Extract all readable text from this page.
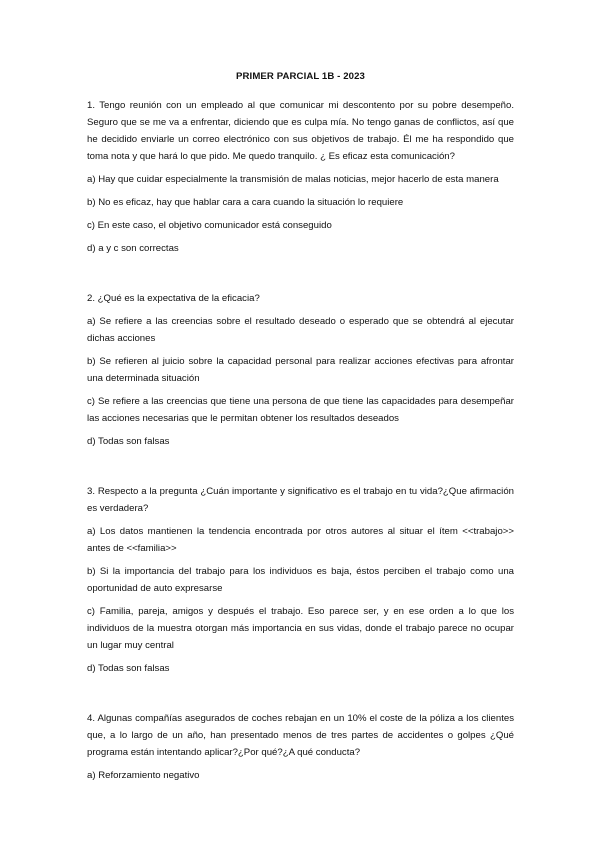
PRIMER PARCIAL 1B - 2023

1. Tengo reunión con un empleado al que comunicar mi descontento por su pobre desempeño. Seguro que se me va a enfrentar, diciendo que es culpa mía. No tengo ganas de conflictos, así que he decidido enviarle un correo electrónico con sus objetivos de trabajo. Él me ha respondido que toma nota y que hará lo que pido. Me quedo tranquilo. ¿ Es eficaz esta comunicación?

a) Hay que cuidar especialmente la transmisión de malas noticias, mejor hacerlo de esta manera

b) No es eficaz, hay que hablar cara a cara cuando la situación lo requiere

c) En este caso, el objetivo comunicador está conseguido

d) a y c son correctas

2. ¿Qué es la expectativa de la eficacia?

a) Se refiere a las creencias sobre el resultado deseado o esperado que se obtendrá al ejecutar dichas acciones

b) Se refieren al juicio sobre la capacidad personal para realizar acciones efectivas para afrontar una determinada situación

c) Se refiere a las creencias que tiene una persona de que tiene las capacidades para desempeñar las acciones necesarias que le permitan obtener los resultados deseados

d) Todas son falsas

3. Respecto a la pregunta ¿Cuán importante y significativo es el trabajo en tu vida?¿Que afirmación es verdadera?

a) Los datos mantienen la tendencia encontrada por otros autores al situar el ítem <<trabajo>> antes de <<familia>>

b) Si la importancia del trabajo para los individuos es baja, éstos perciben el trabajo como una oportunidad de auto expresarse

c) Familia, pareja, amigos y después el trabajo. Eso parece ser, y en ese orden a lo que los individuos de la muestra otorgan más importancia en sus vidas, donde el trabajo parece no ocupar un lugar muy central

d) Todas son falsas

4. Algunas compañías asegurados de coches rebajan en un 10% el coste de la póliza a los clientes que, a lo largo de un año, han presentado menos de tres partes de accidentes o golpes ¿Qué programa están intentando aplicar?¿Por qué?¿A qué conducta?

a) Reforzamiento negativo
